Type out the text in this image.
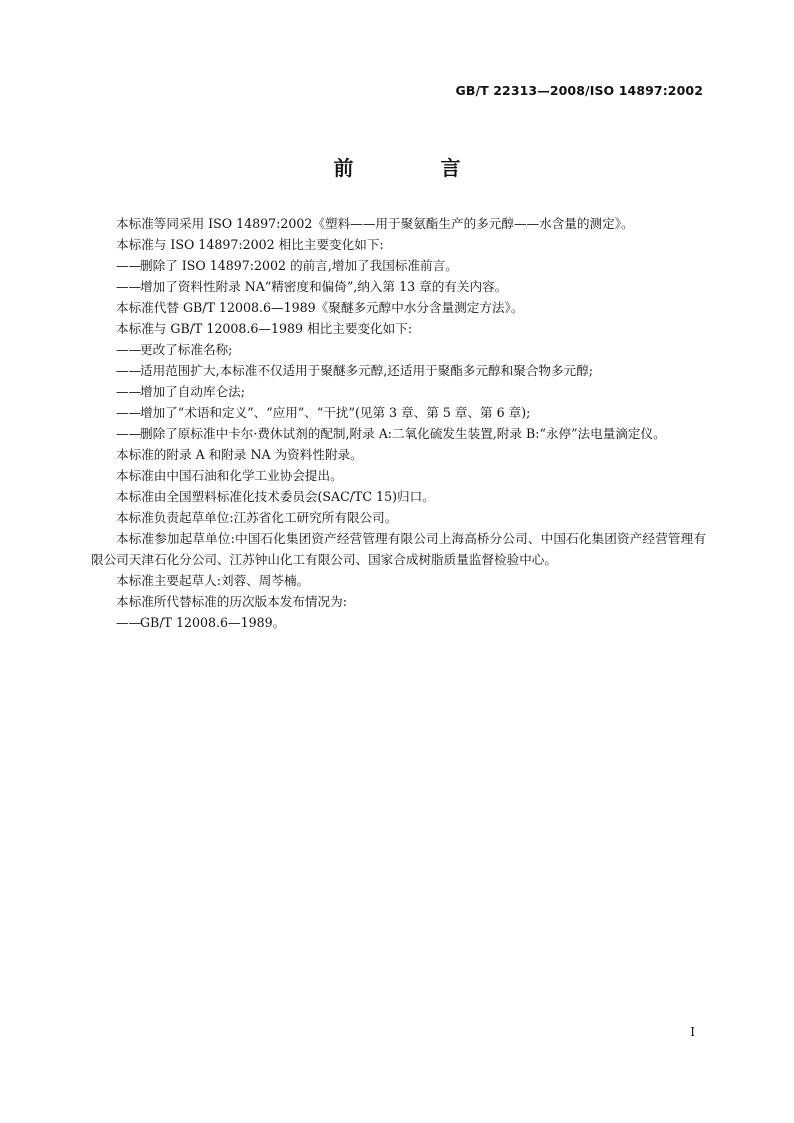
GB/T 22313—2008/ISO 14897:2002
前 言

本标准等同采用 ISO 14897:2002《塑料——用于聚氨酯生产的多元醇——水含量的测定》。

本标准与 ISO 14897:2002 相比主要变化如下:

——删除了 ISO 14897:2002 的前言,增加了我国标准前言。

——增加了资料性附录 NA“精密度和偏倚”,纳入第 13 章的有关内容。

本标准代替 GB/T 12008.6—1989《聚醚多元醇中水分含量测定方法》。

本标准与 GB/T 12008.6—1989 相比主要变化如下:

——更改了标准名称;

——适用范围扩大,本标准不仅适用于聚醚多元醇,还适用于聚酯多元醇和聚合物多元醇;

——增加了自动库仑法;

——增加了“术语和定义”、“应用”、“干扰”(见第 3 章、第 5 章、第 6 章);

——删除了原标准中卡尔·费休试剂的配制,附录 A:二氧化硫发生装置,附录 B:“永停”法电量滴定仪。

本标准的附录 A 和附录 NA 为资料性附录。

本标准由中国石油和化学工业协会提出。

本标准由全国塑料标准化技术委员会(SAC/TC 15)归口。

本标准负责起草单位:江苏省化工研究所有限公司。

本标准参加起草单位:中国石化集团资产经营管理有限公司上海高桥分公司、中国石化集团资产经营管理有限公司天津石化分公司、江苏钟山化工有限公司、国家合成树脂质量监督检验中心。

本标准主要起草人:刘蓉、周芩楠。

本标准所代替标准的历次版本发布情况为:

——GB/T 12008.6—1989。

I
